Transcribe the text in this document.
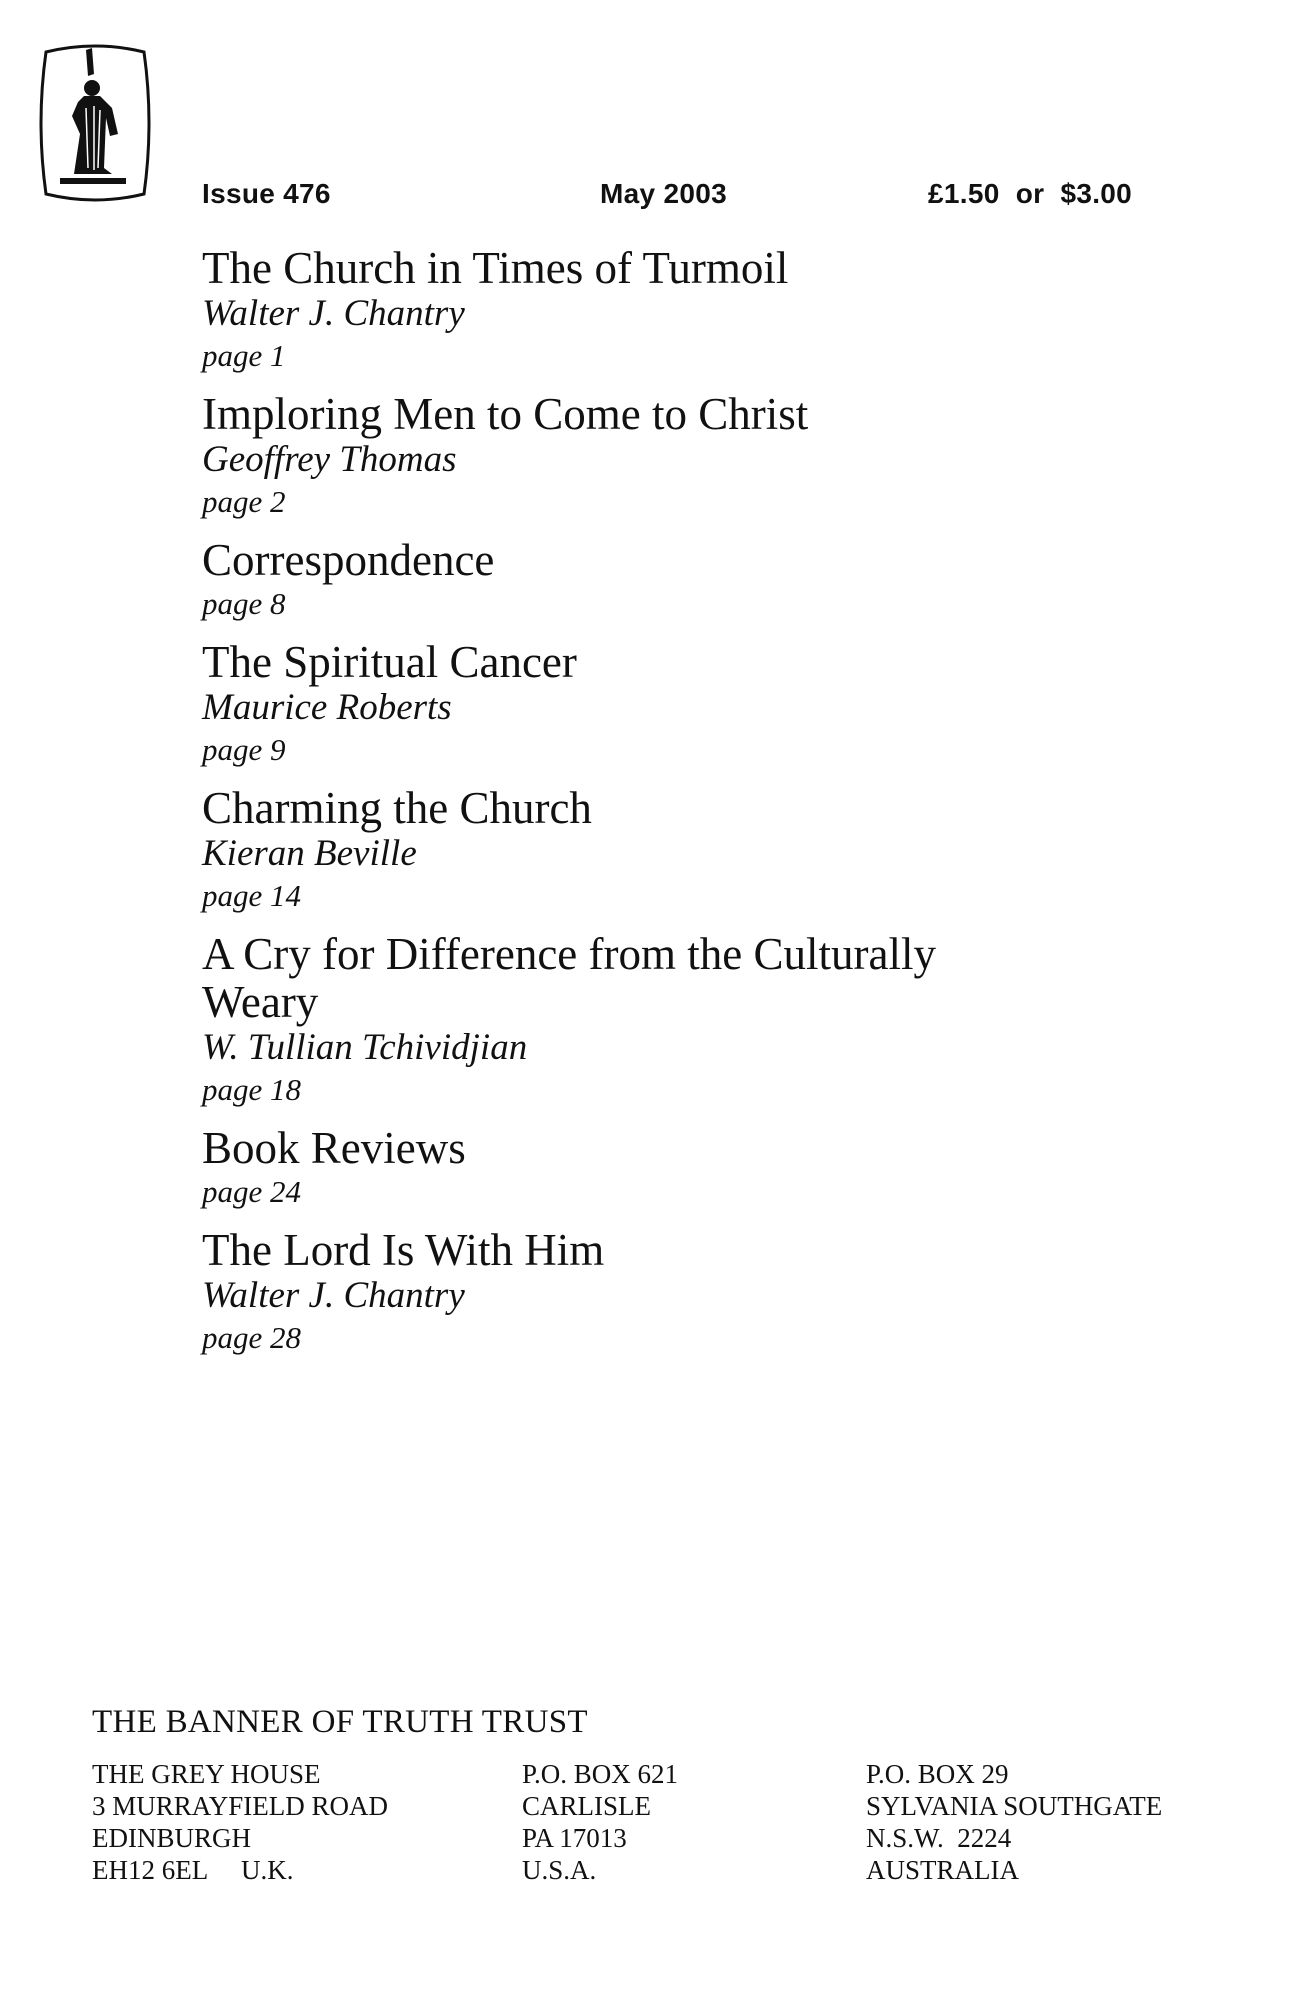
Issue 476	May 2003	£1.50  or  $3.00
The Church in Times of Turmoil
Walter J. Chantry
page 1
Imploring Men to Come to Christ
Geoffrey Thomas
page 2
Correspondence
page 8
The Spiritual Cancer
Maurice Roberts
page 9
Charming the Church
Kieran Beville
page 14
A Cry for Difference from the Culturally Weary
W. Tullian Tchividjian
page 18
Book Reviews
page 24
The Lord Is With Him
Walter J. Chantry
page 28
THE BANNER OF TRUTH TRUST
THE GREY HOUSE
3 MURRAYFIELD ROAD
EDINBURGH
EH12 6EL     U.K.
P.O. BOX 621
CARLISLE
PA 17013
U.S.A.
P.O. BOX 29
SYLVANIA SOUTHGATE
N.S.W.  2224
AUSTRALIA
